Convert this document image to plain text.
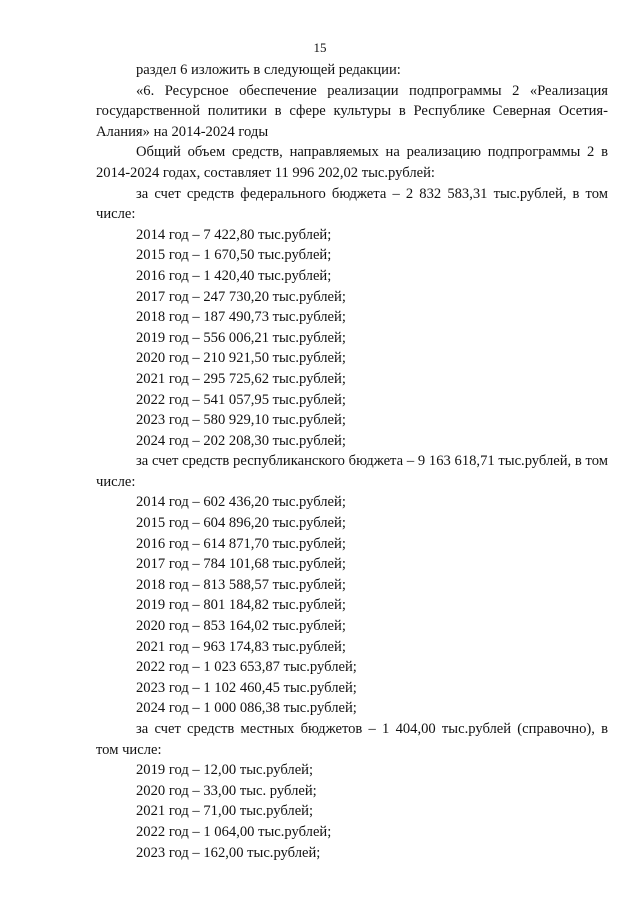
15

раздел 6 изложить в следующей редакции:

«6. Ресурсное обеспечение реализации подпрограммы 2 «Реализация государственной политики в сфере культуры в Республике Северная Осетия-Алания» на 2014-2024 годы

Общий объем средств, направляемых на реализацию подпрограммы 2 в 2014-2024 годах, составляет 11 996 202,02 тыс.рублей:

за счет средств федерального бюджета – 2 832 583,31 тыс.рублей, в том числе:

2014 год – 7 422,80 тыс.рублей;

2015 год – 1 670,50 тыс.рублей;

2016 год – 1 420,40 тыс.рублей;

2017 год – 247 730,20 тыс.рублей;

2018 год – 187 490,73 тыс.рублей;

2019 год – 556 006,21 тыс.рублей;

2020 год – 210 921,50 тыс.рублей;

2021 год – 295 725,62 тыс.рублей;

2022 год – 541 057,95 тыс.рублей;

2023 год – 580 929,10 тыс.рублей;

2024 год – 202 208,30 тыс.рублей;

за счет средств республиканского бюджета – 9 163 618,71 тыс.рублей, в том числе:

2014 год – 602 436,20 тыс.рублей;

2015 год – 604 896,20 тыс.рублей;

2016 год – 614 871,70 тыс.рублей;

2017 год – 784 101,68 тыс.рублей;

2018 год – 813 588,57 тыс.рублей;

2019 год – 801 184,82 тыс.рублей;

2020 год – 853 164,02 тыс.рублей;

2021 год – 963 174,83 тыс.рублей;

2022 год – 1 023 653,87 тыс.рублей;

2023 год – 1 102 460,45 тыс.рублей;

2024 год – 1 000 086,38 тыс.рублей;

за счет средств местных бюджетов – 1 404,00 тыс.рублей (справочно), в том числе:

2019 год – 12,00 тыс.рублей;

2020 год – 33,00 тыс. рублей;

2021 год – 71,00 тыс.рублей;

2022 год – 1 064,00 тыс.рублей;

2023 год – 162,00 тыс.рублей;
